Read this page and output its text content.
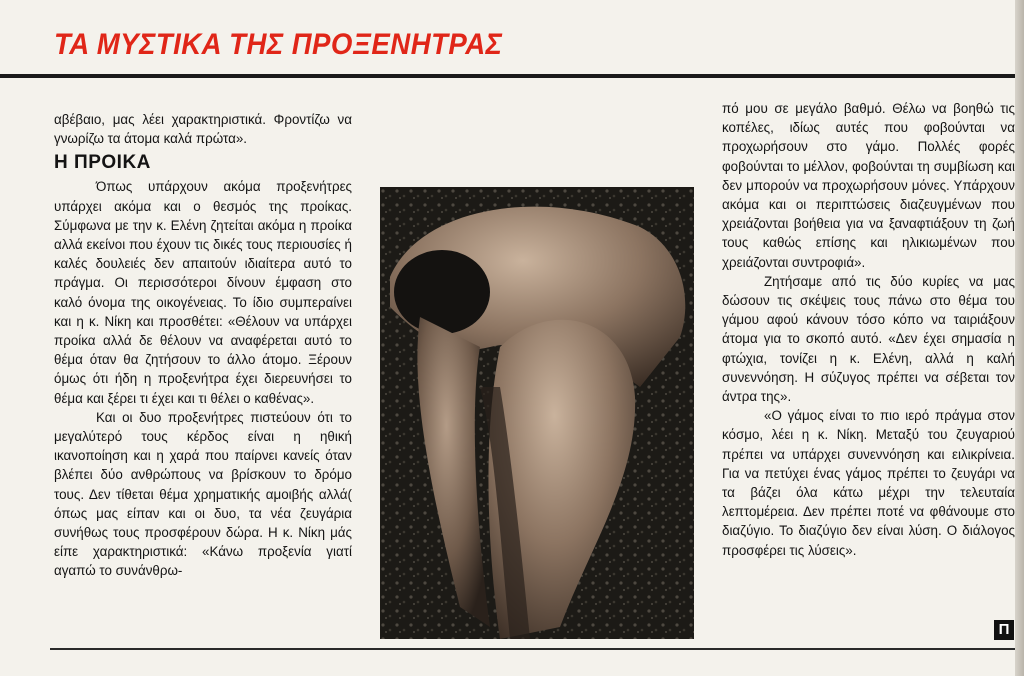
ΤΑ ΜΥΣΤΙΚΑ ΤΗΣ ΠΡΟΞΕΝΗΤΡΑΣ

αβέβαιο, μας λέει χαρακτηριστικά. Φροντίζω να γνωρίζω τα άτομα καλά πρώτα».

Η ΠΡΟΙΚΑ

Όπως υπάρχουν ακόμα προξενήτρες υπάρχει ακόμα και ο θεσμός της προίκας. Σύμφωνα με την κ. Ελένη ζητείται ακόμα η προίκα αλλά εκείνοι που έχουν τις δικές τους περιουσίες ή καλές δουλειές δεν απαιτούν ιδιαίτερα αυτό το πράγμα. Οι περισσότεροι δίνουν έμφαση στο καλό όνομα της οικογένειας. Το ίδιο συμπεραίνει και η κ. Νίκη και προσθέτει: «Θέλουν να υπάρχει προίκα αλλά δε θέλουν να αναφέρεται αυτό το θέμα όταν θα ζητήσουν το άλλο άτομο. Ξέρουν όμως ότι ήδη η προξενήτρα έχει διερευνήσει το θέμα και ξέρει τι έχει και τι θέλει ο καθένας».

Και οι δυο προξενήτρες πιστεύουν ότι το μεγαλύτερό τους κέρδος είναι η ηθική ικανοποίηση και η χαρά που παίρνει κανείς όταν βλέπει δύο ανθρώπους να βρίσκουν το δρόμο τους. Δεν τίθεται θέμα χρηματικής αμοιβής αλλά( όπως μας είπαν και οι δυο, τα νέα ζευγάρια συνήθως τους προσφέρουν δώρα. Η κ. Νίκη μάς είπε χαρακτηριστικά: «Κάνω προξενία γιατί αγαπώ το συνάνθρω-

πό μου σε μεγάλο βαθμό. Θέλω να βοηθώ τις κοπέλες, ιδίως αυτές που φοβούνται να προχωρήσουν στο γάμο. Πολλές φορές φοβούνται το μέλλον, φοβούνται τη συμβίωση και δεν μπορούν να προχωρήσουν μόνες. Υπάρχουν ακόμα και οι περιπτώσεις διαζευγμένων που χρειάζονται βοήθεια για να ξαναφτιάξουν τη ζωή τους καθώς επίσης και ηλικιωμένων που χρειάζονται συντροφιά».

Ζητήσαμε από τις δύο κυρίες να μας δώσουν τις σκέψεις τους πάνω στο θέμα του γάμου αφού κάνουν τόσο κόπο να ταιριάξουν άτομα για το σκοπό αυτό. «Δεν έχει σημασία η φτώχια, τονίζει η κ. Ελένη, αλλά η καλή συνεννόηση. Η σύζυγος πρέπει να σέβεται τον άντρα της».

«Ο γάμος είναι το πιο ιερό πράγμα στον κόσμο, λέει η κ. Νίκη. Μεταξύ του ζευγαριού πρέπει να υπάρχει συνεννόηση και ειλικρίνεια. Για να πετύχει ένας γάμος πρέπει το ζευγάρι να τα βάζει όλα κάτω μέχρι την τελευταία λεπτομέρεια. Δεν πρέπει ποτέ να φθάνουμε στο διαζύγιο. Το διαζύγιο δεν είναι λύση. Ο διάλογος προσφέρει τις λύσεις».

Π
